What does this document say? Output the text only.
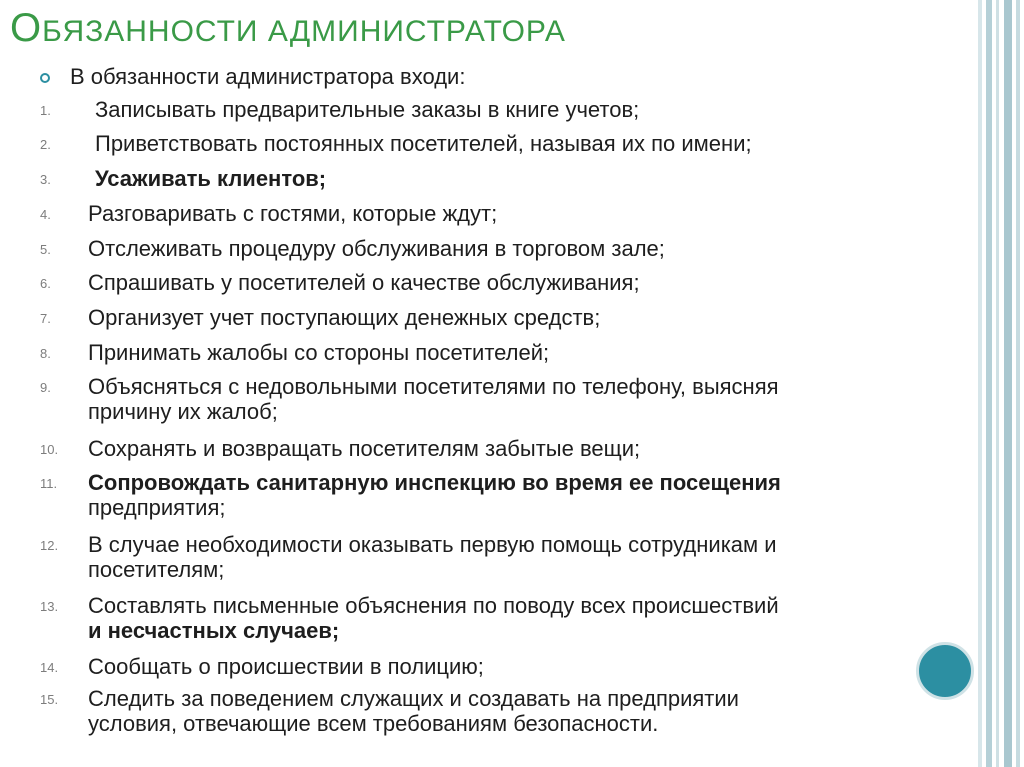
ОБЯЗАННОСТИ АДМИНИСТРАТОРА
В обязанности администратора входи:
1. Записывать предварительные заказы в книге учетов;
2. Приветствовать постоянных посетителей, называя их по имени;
3. Усаживать клиентов;
4. Разговаривать с гостями, которые ждут;
5. Отслеживать процедуру обслуживания в торговом зале;
6. Спрашивать у посетителей о качестве обслуживания;
7. Организует учет поступающих денежных средств;
8. Принимать жалобы со стороны посетителей;
9. Объясняться с недовольными посетителями по телефону, выясняя
причину их жалоб;
10. Сохранять и возвращать посетителям забытые вещи;
11. Сопровождать санитарную инспекцию во время ее посещения
предприятия;
12. В случае необходимости оказывать первую помощь сотрудникам и
посетителям;
13. Составлять письменные объяснения по поводу всех происшествий
и несчастных случаев;
14. Сообщать о происшествии в полицию;
15. Следить за поведением служащих и создавать на предприятии
условия, отвечающие всем требованиям безопасности.
